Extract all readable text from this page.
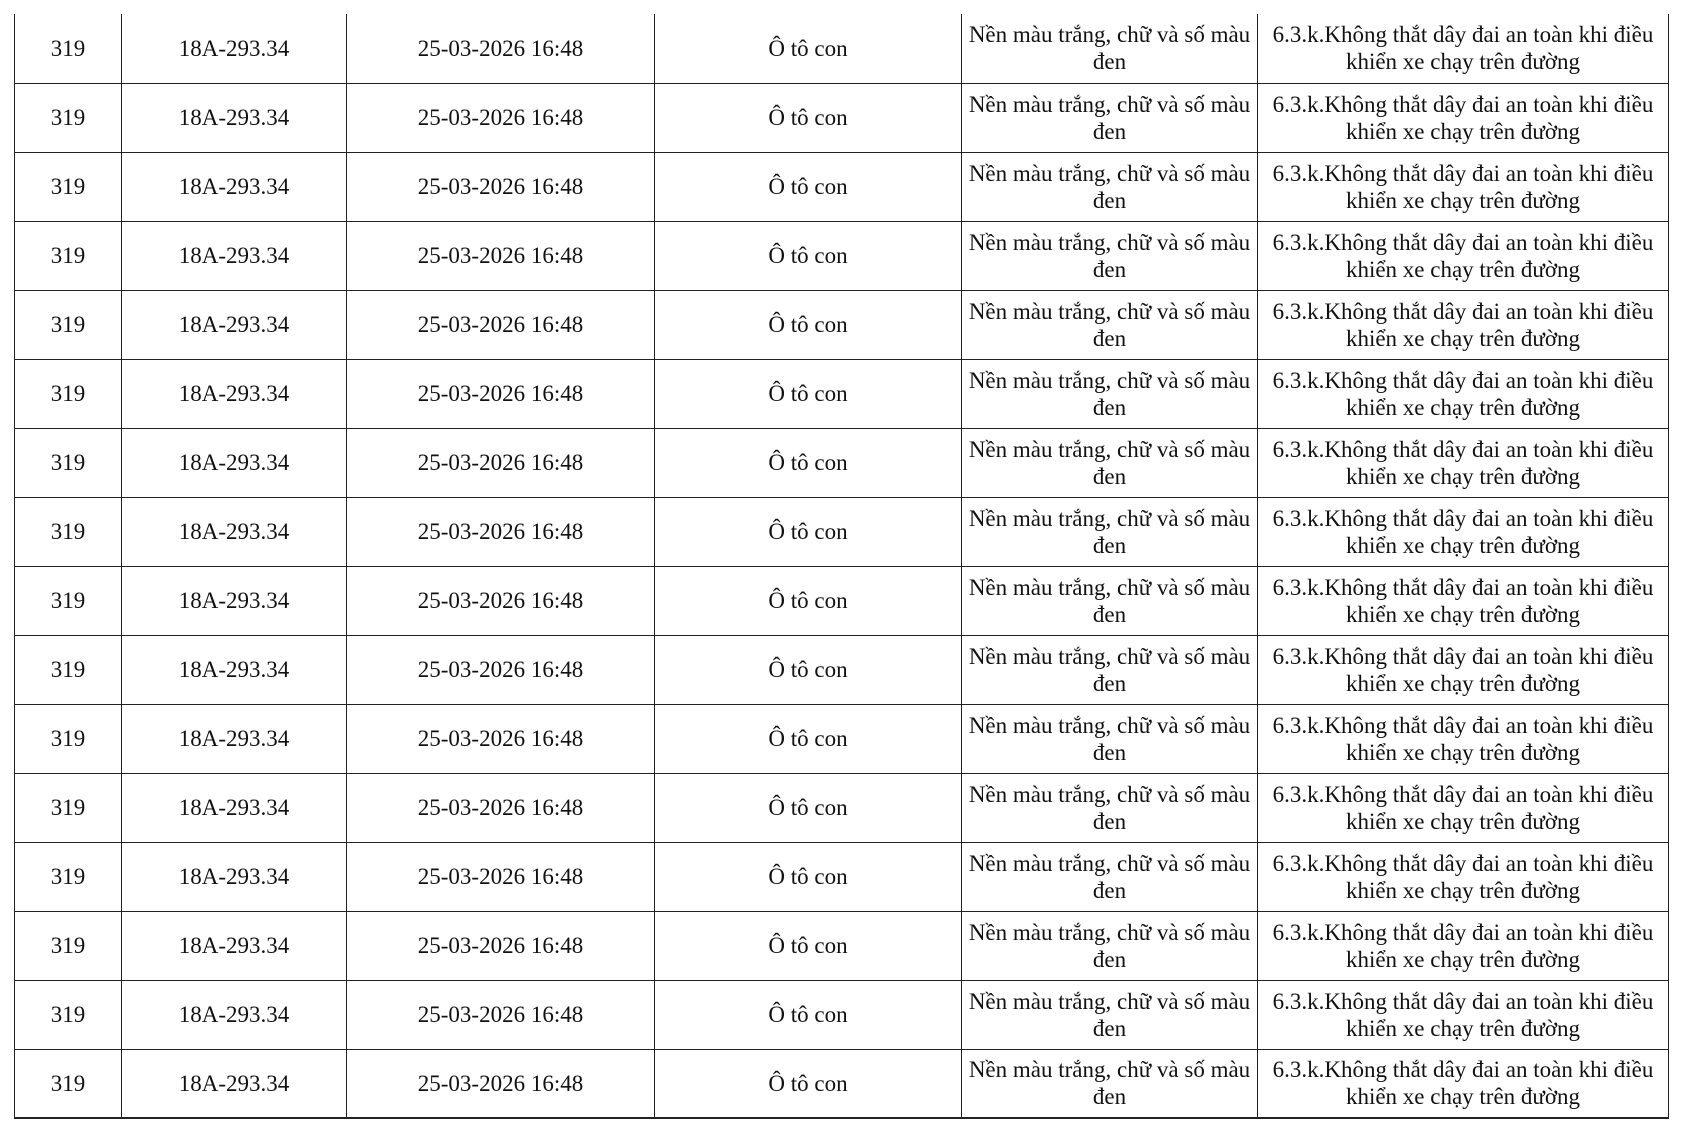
319	18A-293.34	25-03-2026 16:48	Ô tô con	Nền màu trắng, chữ và số màu đen	6.3.k.Không thắt dây đai an toàn khi điều khiển xe chạy trên đường
319	18A-293.34	25-03-2026 16:48	Ô tô con	Nền màu trắng, chữ và số màu đen	6.3.k.Không thắt dây đai an toàn khi điều khiển xe chạy trên đường
319	18A-293.34	25-03-2026 16:48	Ô tô con	Nền màu trắng, chữ và số màu đen	6.3.k.Không thắt dây đai an toàn khi điều khiển xe chạy trên đường
319	18A-293.34	25-03-2026 16:48	Ô tô con	Nền màu trắng, chữ và số màu đen	6.3.k.Không thắt dây đai an toàn khi điều khiển xe chạy trên đường
319	18A-293.34	25-03-2026 16:48	Ô tô con	Nền màu trắng, chữ và số màu đen	6.3.k.Không thắt dây đai an toàn khi điều khiển xe chạy trên đường
319	18A-293.34	25-03-2026 16:48	Ô tô con	Nền màu trắng, chữ và số màu đen	6.3.k.Không thắt dây đai an toàn khi điều khiển xe chạy trên đường
319	18A-293.34	25-03-2026 16:48	Ô tô con	Nền màu trắng, chữ và số màu đen	6.3.k.Không thắt dây đai an toàn khi điều khiển xe chạy trên đường
319	18A-293.34	25-03-2026 16:48	Ô tô con	Nền màu trắng, chữ và số màu đen	6.3.k.Không thắt dây đai an toàn khi điều khiển xe chạy trên đường
319	18A-293.34	25-03-2026 16:48	Ô tô con	Nền màu trắng, chữ và số màu đen	6.3.k.Không thắt dây đai an toàn khi điều khiển xe chạy trên đường
319	18A-293.34	25-03-2026 16:48	Ô tô con	Nền màu trắng, chữ và số màu đen	6.3.k.Không thắt dây đai an toàn khi điều khiển xe chạy trên đường
319	18A-293.34	25-03-2026 16:48	Ô tô con	Nền màu trắng, chữ và số màu đen	6.3.k.Không thắt dây đai an toàn khi điều khiển xe chạy trên đường
319	18A-293.34	25-03-2026 16:48	Ô tô con	Nền màu trắng, chữ và số màu đen	6.3.k.Không thắt dây đai an toàn khi điều khiển xe chạy trên đường
319	18A-293.34	25-03-2026 16:48	Ô tô con	Nền màu trắng, chữ và số màu đen	6.3.k.Không thắt dây đai an toàn khi điều khiển xe chạy trên đường
319	18A-293.34	25-03-2026 16:48	Ô tô con	Nền màu trắng, chữ và số màu đen	6.3.k.Không thắt dây đai an toàn khi điều khiển xe chạy trên đường
319	18A-293.34	25-03-2026 16:48	Ô tô con	Nền màu trắng, chữ và số màu đen	6.3.k.Không thắt dây đai an toàn khi điều khiển xe chạy trên đường
319	18A-293.34	25-03-2026 16:48	Ô tô con	Nền màu trắng, chữ và số màu đen	6.3.k.Không thắt dây đai an toàn khi điều khiển xe chạy trên đường
